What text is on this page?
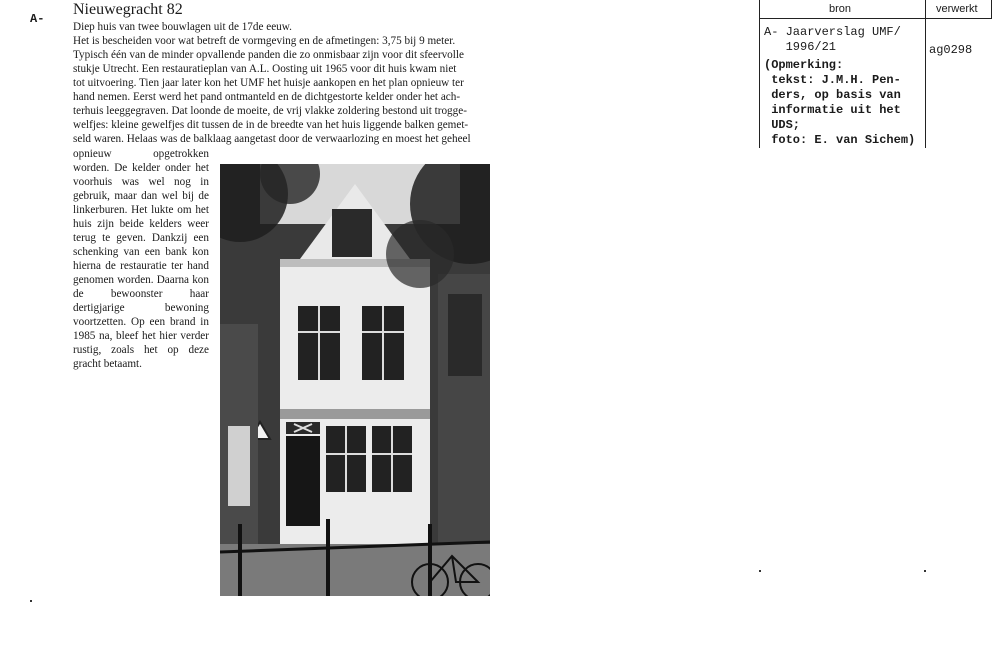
A-
Nieuwegracht 82
Diep huis van twee bouwlagen uit de 17de eeuw.
Het is bescheiden voor wat betreft de vormgeving en de afmetingen: 3,75 bij 9 meter.
Typisch één van de minder opvallende panden die zo onmisbaar zijn voor dit sfeervolle
stukje Utrecht. Een restauratieplan van A.L. Oosting uit 1965 voor dit huis kwam niet
tot uitvoering. Tien jaar later kon het UMF het huisje aankopen en het plan opnieuw ter
hand nemen. Eerst werd het pand ontmanteld en de dichtgestorte kelder onder het ach-
terhuis leeggegraven. Dat loonde de moeite, de vrij vlakke zoldering bestond uit trogge-
welfjes: kleine gewelfjes dit tussen de in de breedte van het huis liggende balken gemet-
seld waren. Helaas was de balklaag aangetast door de verwaarlozing en moest het geheel
opnieuw opgetrokken worden. De kelder onder het voorhuis was wel nog in gebruik, maar dan wel bij de linkerburen. Het lukte om het huis zijn beide kelders weer terug te geven. Dankzij een schenking van een bank kon hierna de restauratie ter hand genomen worden. Daarna kon de bewoonster haar dertigjarige bewoning voortzetten. Op een brand in 1985 na, bleef het hier verder rustig, zoals het op deze gracht betaamt.
bron	verwerkt
A- Jaarverslag UMF/
1996/21	ag0298
(Opmerking:
tekst: J.M.H. Pen-
ders, op basis van
informatie uit het
UDS;
foto: E. van Sichem)
